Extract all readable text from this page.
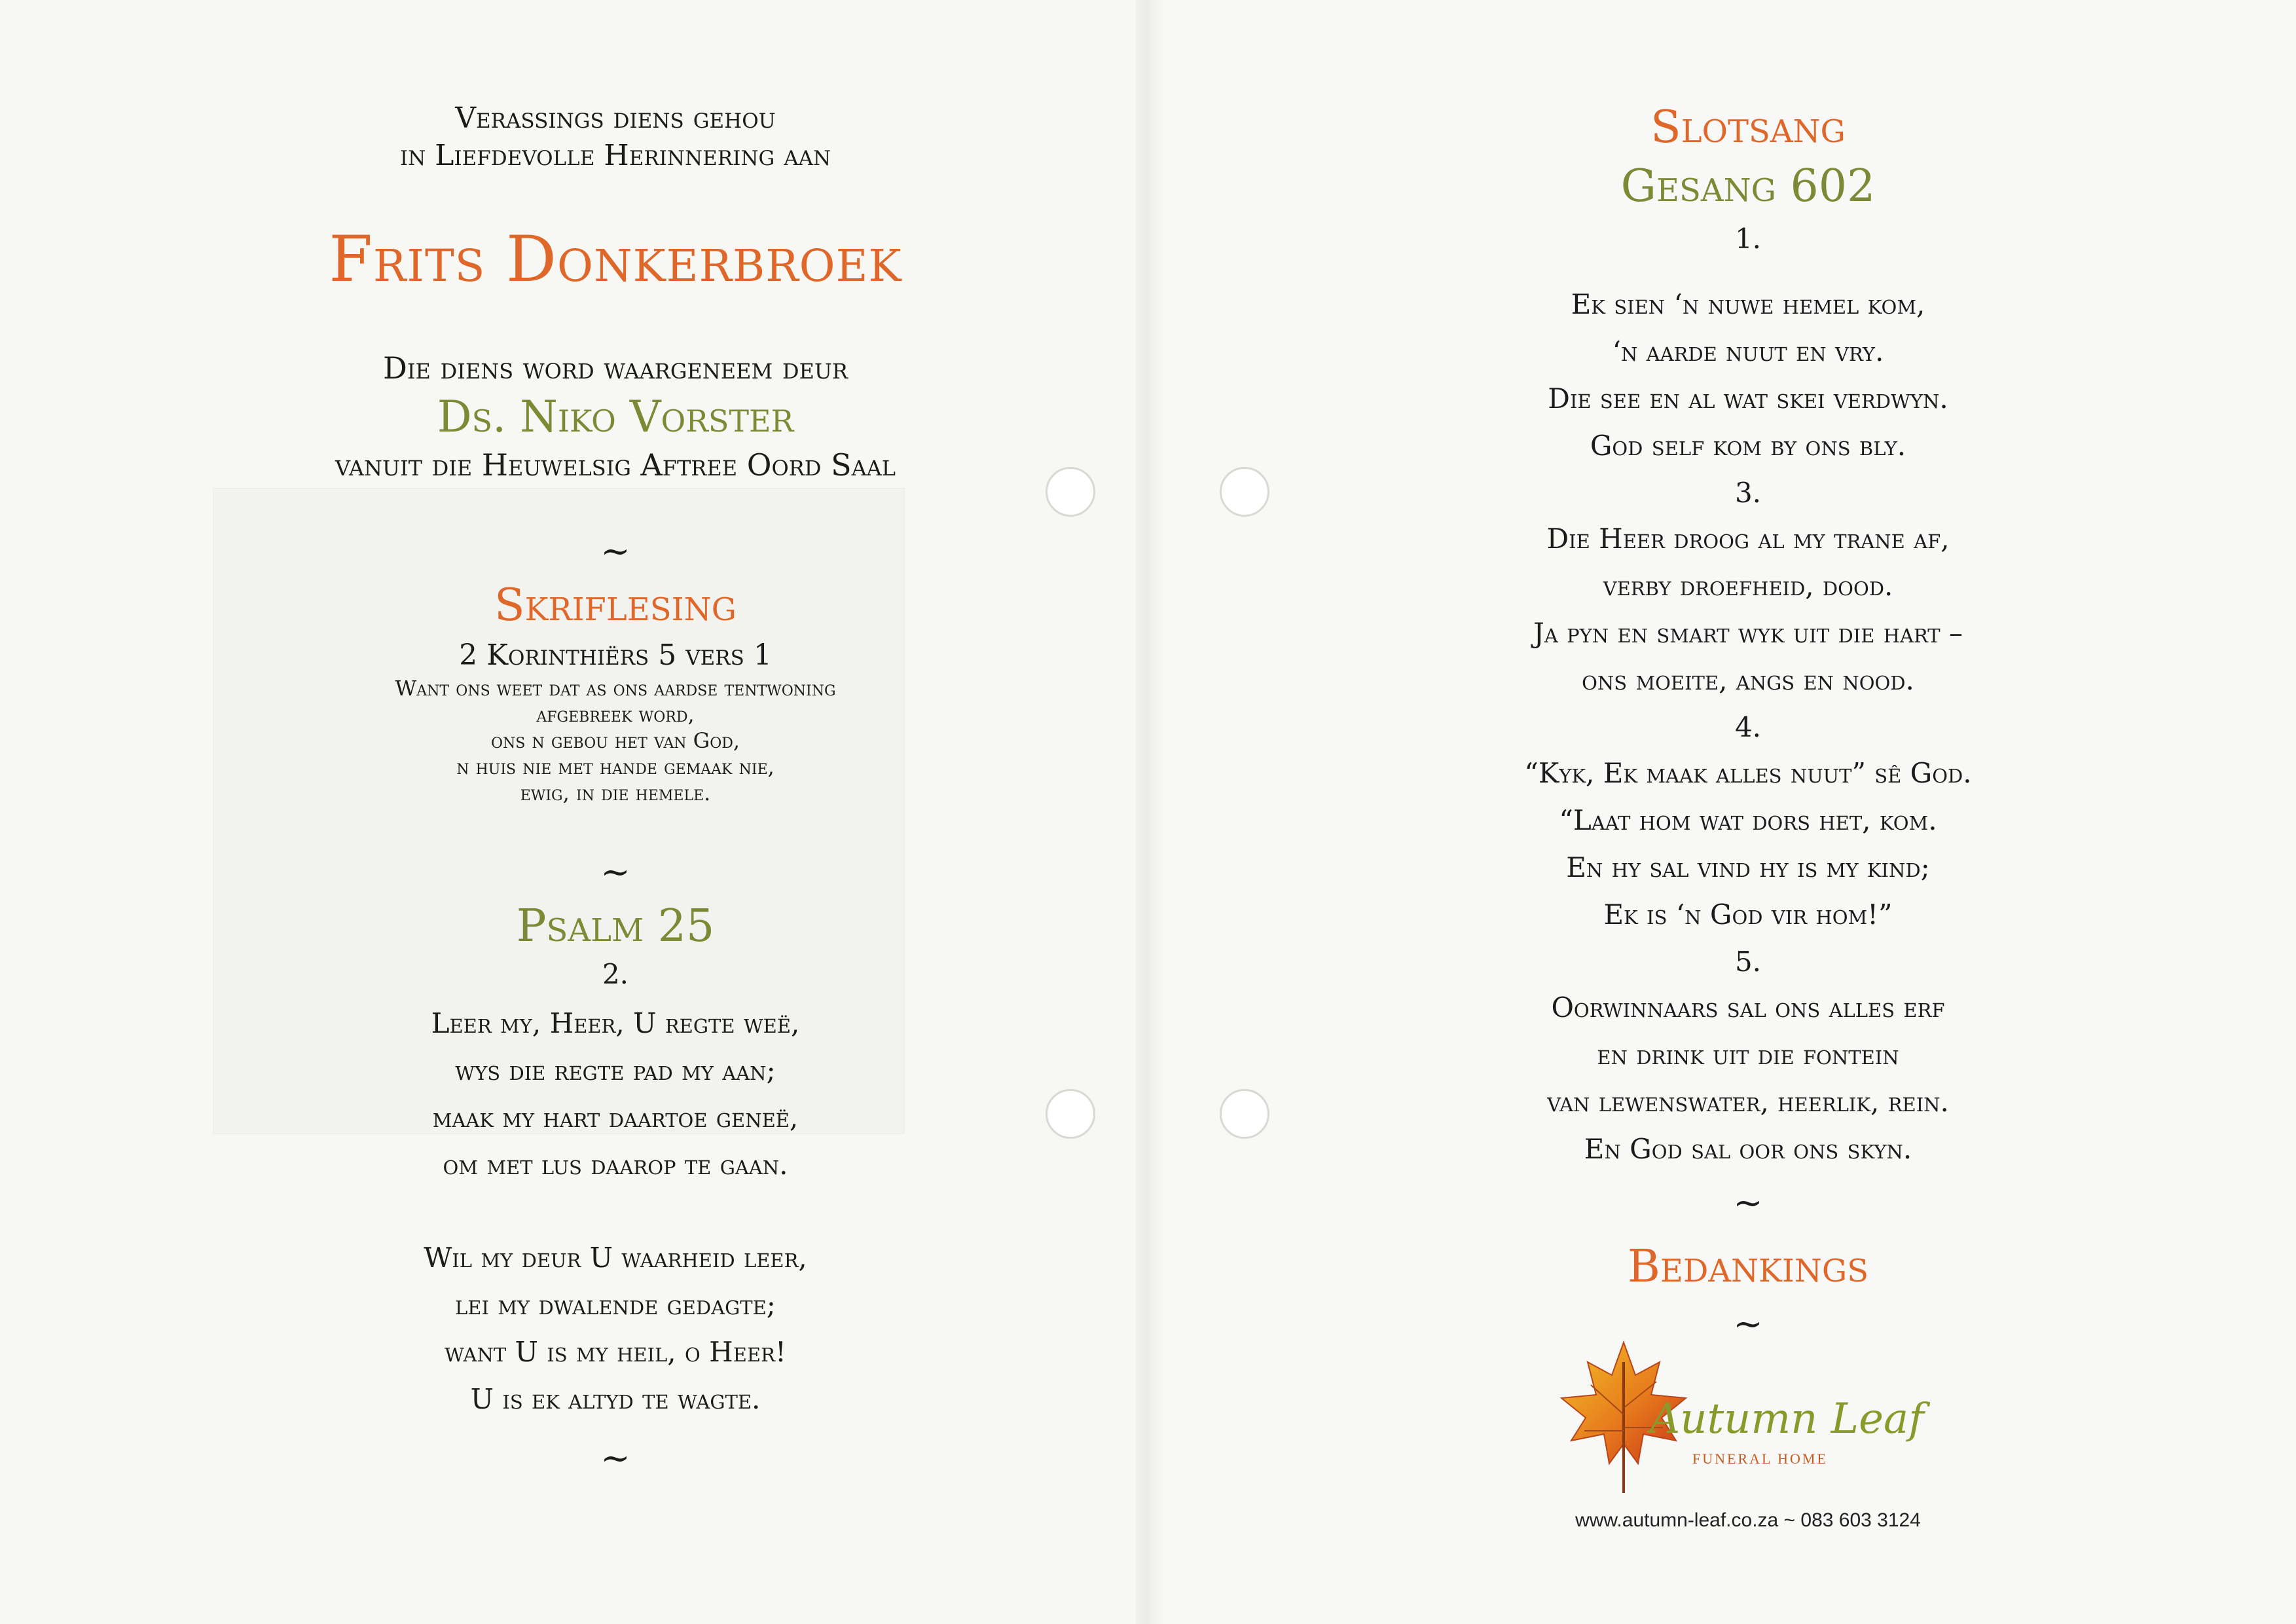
Verassings diens gehou
in Liefdevolle Herinnering aan
Frits Donkerbroek
Die diens word waargeneem deur
Ds. Niko Vorster
vanuit die Heuwelsig Aftree Oord Saal
~
Skriflesing
2 Korinthiërs 5 vers 1
Want ons weet dat as ons aardse tentwoning
afgebreek word,
ons n gebou het van God,
n huis nie met hande gemaak nie,
ewig, in die hemele.
~
Psalm 25
2.
Leer my, Heer, U regte weë,
wys die regte pad my aan;
maak my hart daartoe geneë,
om met lus daarop te gaan.
Wil my deur U waarheid leer,
lei my dwalende gedagte;
want U is my heil, o Heer!
U is ek altyd te wagte.
~
Slotsang
Gesang 602
1.
Ek sien ‘n nuwe hemel kom,
‘n aarde nuut en vry.
Die see en al wat skei verdwyn.
God self kom by ons bly.
3.
Die Heer droog al my trane af,
verby droefheid, dood.
Ja pyn en smart wyk uit die hart –
ons moeite, angs en nood.
4.
“Kyk, Ek maak alles nuut” sê God.
“Laat hom wat dors het, kom.
En hy sal vind hy is my kind;
Ek is ‘n God vir hom!”
5.
Oorwinnaars sal ons alles erf
en drink uit die fontein
van lewenswater, heerlik, rein.
En God sal oor ons skyn.
~
Bedankings
~
Autumn Leaf
FUNERAL HOME
www.autumn-leaf.co.za ~ 083 603 3124
